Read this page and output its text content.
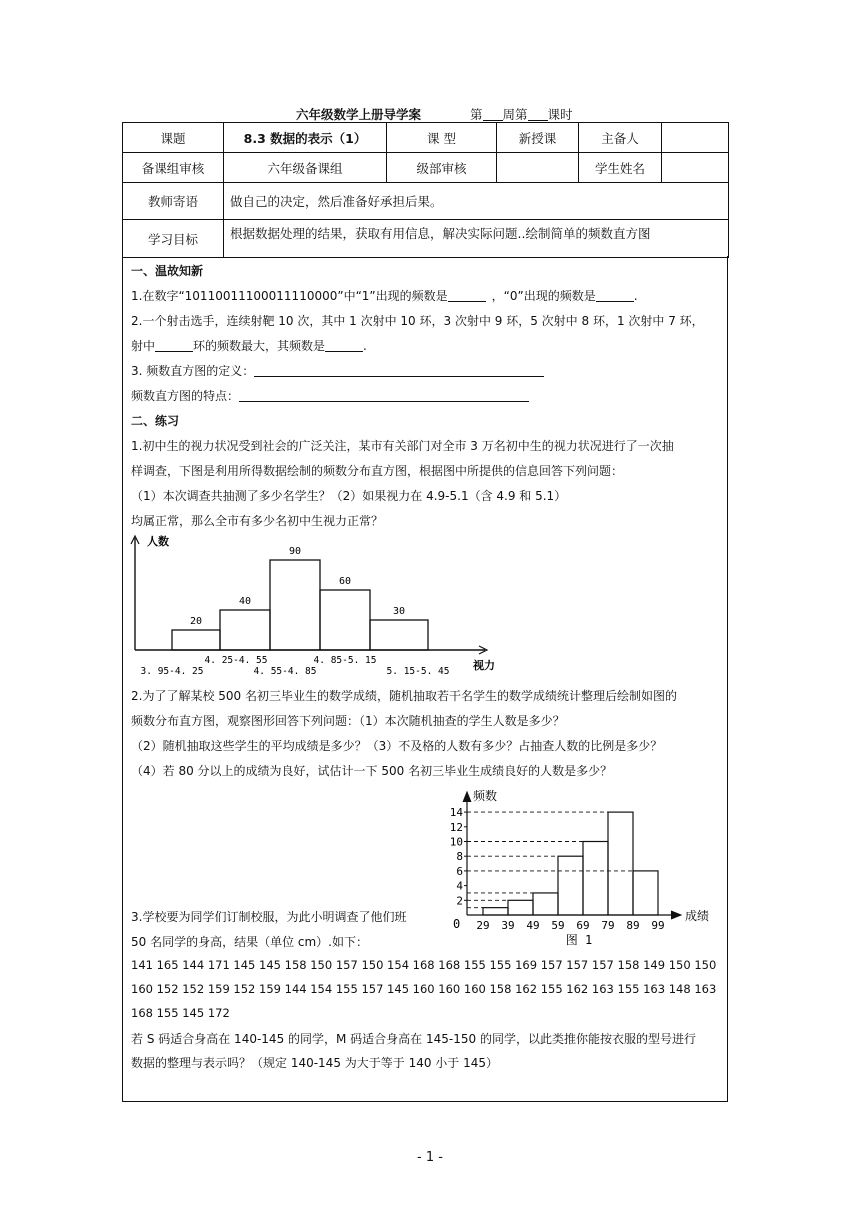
六年级数学上册导学案	第 周第 课时
课题	8.3 数据的表示（1）	课 型	新授课	主备人	
备课组审核	六年级备课组	级部审核		学生姓名	
教师寄语	做自己的决定，然后准备好承担后果。				
学习目标	根据数据处理的结果，获取有用信息，解决实际问题..绘制简单的频数直方图				
一、温故知新
1.在数字“10110011100011110000”中“1”出现的频数是	，“0”出现的频数是	.
2.一个射击选手，连续射靶 10 次，其中 1 次射中 10 环，3 次射中 9 环，5 次射中 8 环，1 次射中 7 环，
射中	环的频数最大，其频数是	.
3. 频数直方图的定义：
频数直方图的特点：
二、练习
1.初中生的视力状况受到社会的广泛关注，某市有关部门对全市 3 万名初中生的视力状况进行了一次抽
样调查，下图是利用所得数据绘制的频数分布直方图，根据图中所提供的信息回答下列问题：
（1）本次调查共抽测了多少名学生？（2）如果视力在 4.9-5.1（含 4.9 和 5.1）
均属正常，那么全市有多少名初中生视力正常？
人数
视力
20
40
90
60
30
3. 95-4. 25
4. 25-4. 55
4. 55-4. 85
4. 85-5. 15
5. 15-5. 45
2.为了了解某校 500 名初三毕业生的数学成绩，随机抽取若干名学生的数学成绩统计整理后绘制如图的
频数分布直方图，观察图形回答下列问题：（1）本次随机抽查的学生人数是多少？
（2）随机抽取这些学生的平均成绩是多少？（3）不及格的人数有多少？占抽查人数的比例是多少？
（4）若 80 分以上的成绩为良好，试估计一下 500 名初三毕业生成绩良好的人数是多少？
频数
成绩
0
2
4
6
8
10
12
14
29 39 49 59 69 79 89 99
图 1
3.学校要为同学们订制校服，为此小明调查了他们班
50 名同学的身高，结果（单位 cm）.如下：
141 165 144 171 145 145 158 150 157 150 154 168 168 155 155 169 157 157 157 158 149 150 150
160 152 152 159 152 159 144 154 155 157 145 160 160 160 158 162 155 162 163 155 163 148 163
168 155 145 172
若 S 码适合身高在 140-145 的同学，M 码适合身高在 145-150 的同学，以此类推你能按衣服的型号进行
数据的整理与表示吗？（规定 140-145 为大于等于 140 小于 145）
- 1 -
